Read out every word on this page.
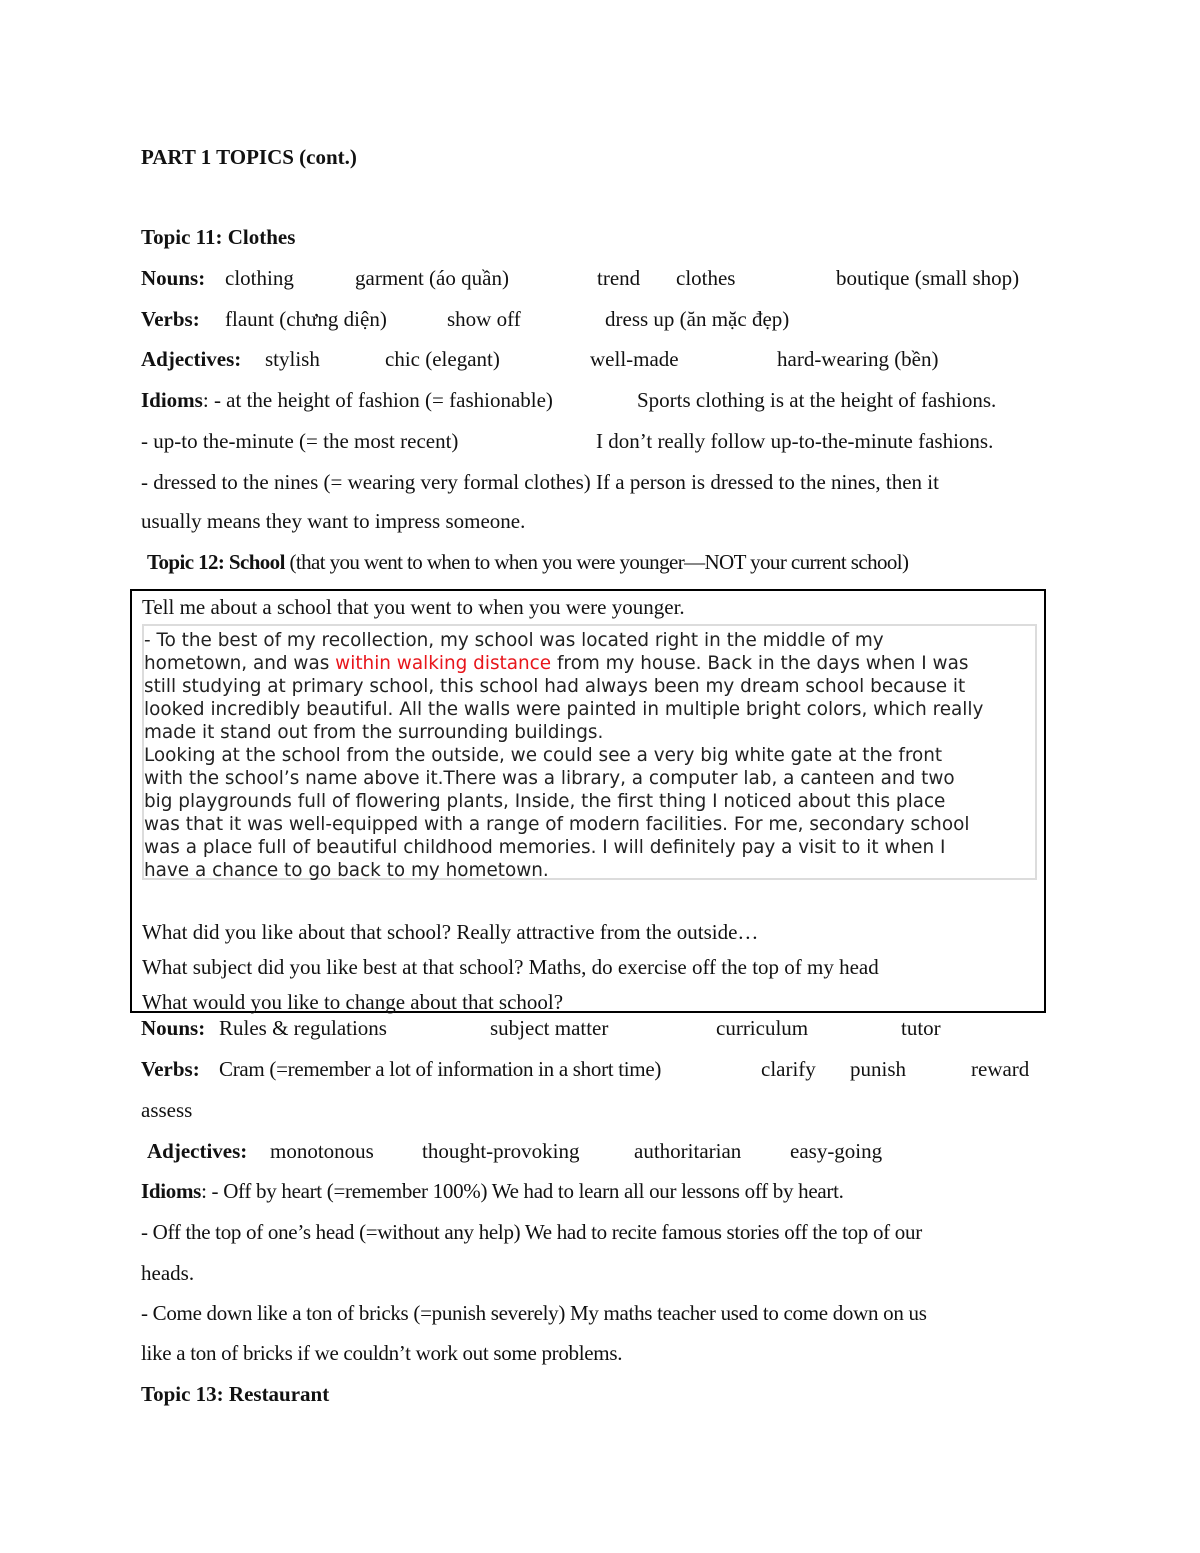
PART 1 TOPICS (cont.)
Topic 11: Clothes
Nouns: clothing	garment (áo quần)	trend clothes	boutique (small shop)
Verbs: flaunt (chưng diện)	show off	dress up (ăn mặc đẹp)
Adjectives: stylish	chic (elegant)	well-made	hard-wearing (bền)
Idioms: - at the height of fashion (= fashionable)	Sports clothing is at the height of fashions.
- up-to the-minute (= the most recent)	I don’t really follow up-to-the-minute fashions.
- dressed to the nines (= wearing very formal clothes) If a person is dressed to the nines, then it
usually means they want to impress someone.
Topic 12: School (that you went to when to when you were younger—NOT your current school)
Tell me about a school that you went to when you were younger.

- To the best of my recollection, my school was located right in the middle of my

hometown, and was within walking distance from my house. Back in the days when I was

still studying at primary school, this school had always been my dream school because it

looked incredibly beautiful. All the walls were painted in multiple bright colors, which really

made it stand out from the surrounding buildings.

Looking at the school from the outside, we could see a very big white gate at the front

with the school’s name above it.There was a library, a computer lab, a canteen and two

big playgrounds full of flowering plants, Inside, the first thing I noticed about this place

was that it was well-equipped with a range of modern facilities. For me, secondary school

was a place full of beautiful childhood memories. I will definitely pay a visit to it when I

have a chance to go back to my hometown.

What did you like about that school? Really attractive from the outside…
What subject did you like best at that school? Maths, do exercise off the top of my head
What would you like to change about that school?
Nouns: Rules & regulations	subject matter	curriculum	tutor
Verbs: Cram (=remember a lot of information in a short time)	clarify punish	reward
assess
Adjectives: monotonous thought-provoking	authoritarian easy-going
Idioms: - Off by heart (=remember 100%) We had to learn all our lessons off by heart.
- Off the top of one’s head (=without any help) We had to recite famous stories off the top of our
heads.
- Come down like a ton of bricks (=punish severely) My maths teacher used to come down on us
like a ton of bricks if we couldn’t work out some problems.
Topic 13: Restaurant
